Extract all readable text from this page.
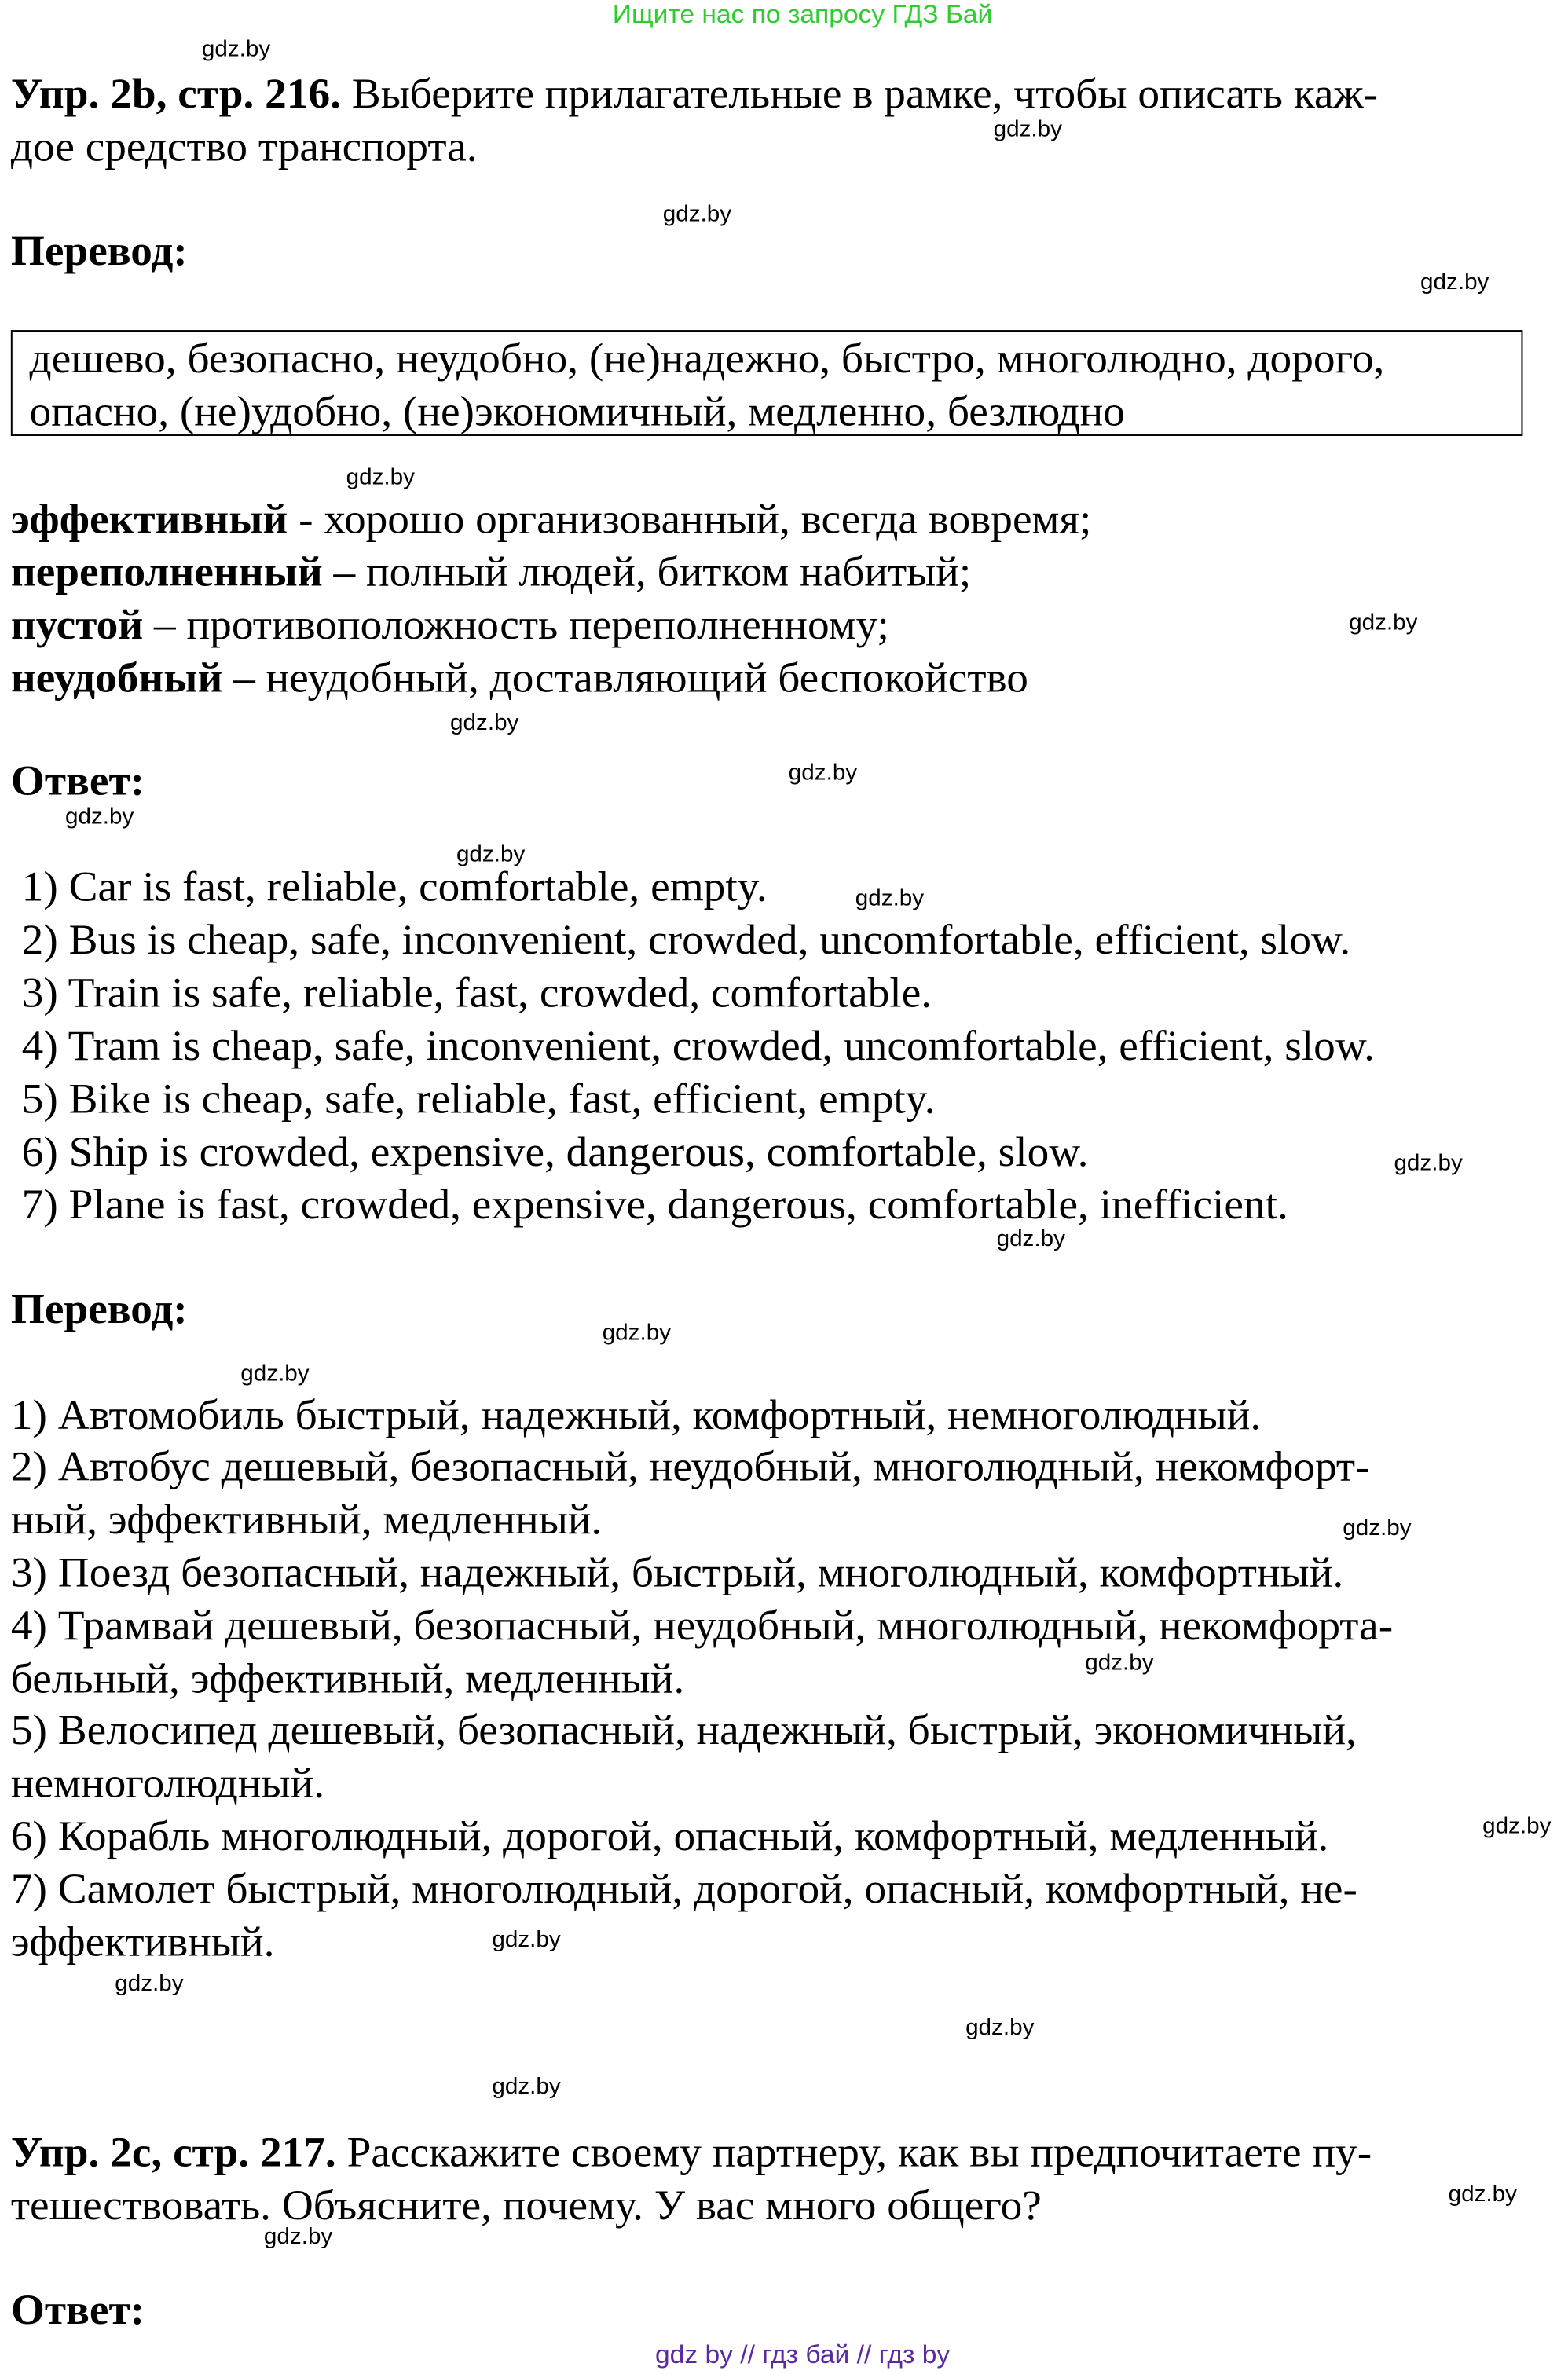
Ищите нас по запросу ГДЗ Бай
Упр. 2b, стр. 216. Выберите прилагательные в рамке, чтобы описать каж-
дое средство транспорта.
Перевод:
дешево, безопасно, неудобно, (не)надежно, быстро, многолюдно, дорого,
опасно, (не)удобно, (не)экономичный, медленно, безлюдно
эффективный - хорошо организованный, всегда вовремя;
переполненный – полный людей, битком набитый;
пустой – противоположность переполненному;
неудобный – неудобный, доставляющий беспокойство
Ответ:
1) Car is fast, reliable, comfortable, empty.
2) Bus is cheap, safe, inconvenient, crowded, uncomfortable, efficient, slow.
3) Train is safe, reliable, fast, crowded, comfortable.
4) Tram is cheap, safe, inconvenient, crowded, uncomfortable, efficient, slow.
5) Bike is cheap, safe, reliable, fast, efficient, empty.
6) Ship is crowded, expensive, dangerous, comfortable, slow.
7) Plane is fast, crowded, expensive, dangerous, comfortable, inefficient.
Перевод:
1) Автомобиль быстрый, надежный, комфортный, немноголюдный.
2) Автобус дешевый, безопасный, неудобный, многолюдный, некомфорт-
ный, эффективный, медленный.
3) Поезд безопасный, надежный, быстрый, многолюдный, комфортный.
4) Трамвай дешевый, безопасный, неудобный, многолюдный, некомфорта-
бельный, эффективный, медленный.
5) Велосипед дешевый, безопасный, надежный, быстрый, экономичный,
немноголюдный.
6) Корабль многолюдный, дорогой, опасный, комфортный, медленный.
7) Самолет быстрый, многолюдный, дорогой, опасный, комфортный, не-
эффективный.
Упр. 2c, стр. 217. Расскажите своему партнеру, как вы предпочитаете пу-
тешествовать. Объясните, почему. У вас много общего?
Ответ:
gdz by // гдз бай // гдз by
gdz.by
gdz.by
gdz.by
gdz.by
gdz.by
gdz.by
gdz.by
gdz.by
gdz.by
gdz.by
gdz.by
gdz.by
gdz.by
gdz.by
gdz.by
gdz.by
gdz.by
gdz.by
gdz.by
gdz.by
gdz.by
gdz.by
gdz.by
gdz.by
